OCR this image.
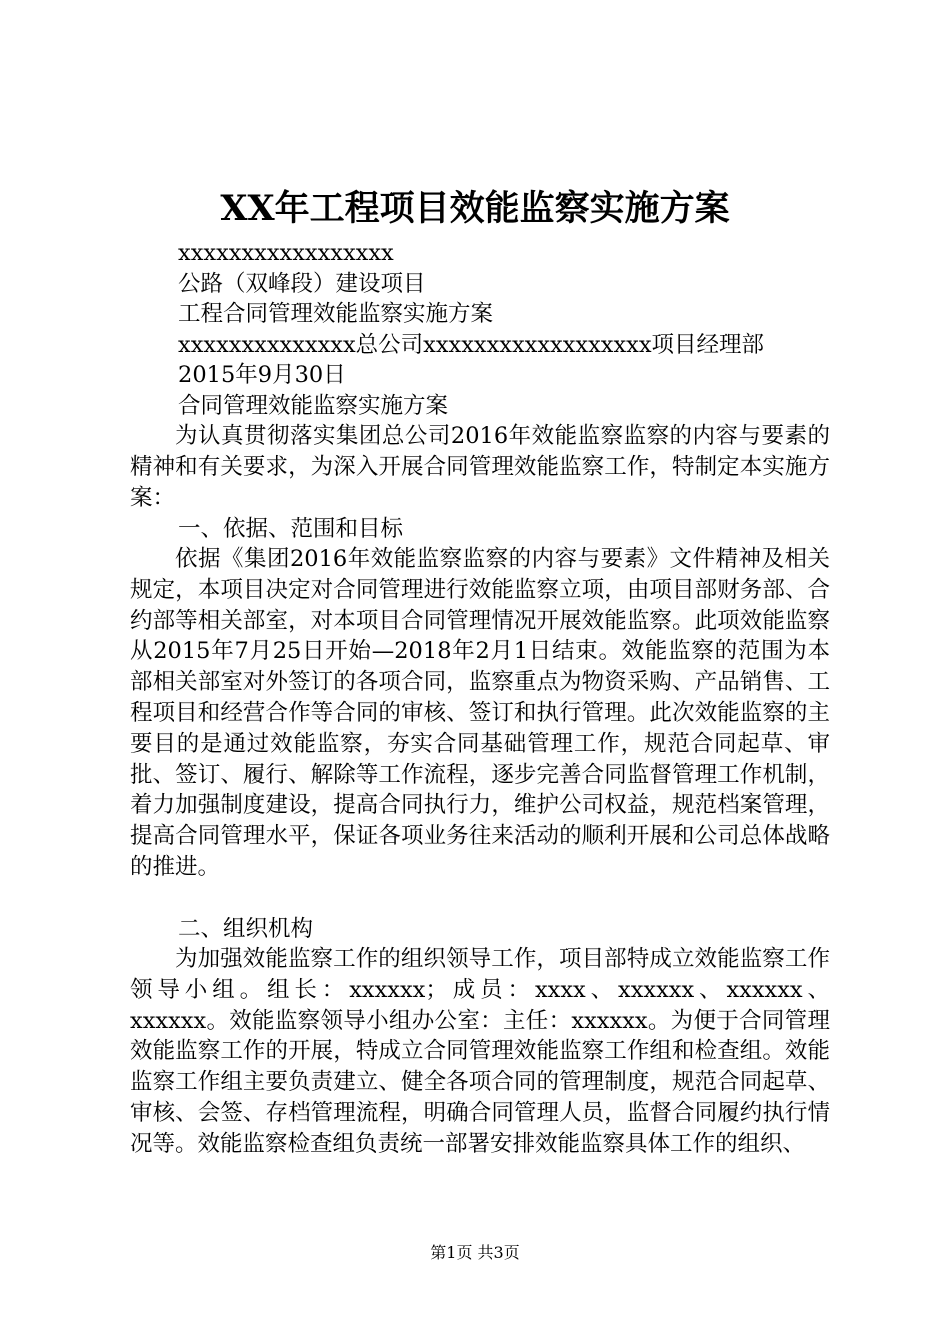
XX年工程项目效能监察实施方案

xxxxxxxxxxxxxxxxx

公路（双峰段）建设项目

工程合同管理效能监察实施方案

xxxxxxxxxxxxxx总公司xxxxxxxxxxxxxxxxxx项目经理部

2015年9月30日

合同管理效能监察实施方案

为认真贯彻落实集团总公司2016年效能监察监察的内容与要素的精神和有关要求，为深入开展合同管理效能监察工作，特制定本实施方案：

一、依据、范围和目标

依据《集团2016年效能监察监察的内容与要素》文件精神及相关规定，本项目决定对合同管理进行效能监察立项，由项目部财务部、合约部等相关部室，对本项目合同管理情况开展效能监察。此项效能监察从2015年7月25日开始—2018年2月1日结束。效能监察的范围为本部相关部室对外签订的各项合同，监察重点为物资采购、产品销售、工程项目和经营合作等合同的审核、签订和执行管理。此次效能监察的主要目的是通过效能监察，夯实合同基础管理工作，规范合同起草、审批、签订、履行、解除等工作流程，逐步完善合同监督管理工作机制，着力加强制度建设，提高合同执行力，维护公司权益，规范档案管理，提高合同管理水平，保证各项业务往来活动的顺利开展和公司总体战略的推进。

二、组织机构

为加强效能监察工作的组织领导工作，项目部特成立效能监察工作领导小组。组长：xxxxxx；成员：xxxx、xxxxxx、xxxxxx、xxxxxx。效能监察领导小组办公室：主任：xxxxxx。为便于合同管理效能监察工作的开展，特成立合同管理效能监察工作组和检查组。效能监察工作组主要负责建立、健全各项合同的管理制度，规范合同起草、审核、会签、存档管理流程，明确合同管理人员，监督合同履约执行情况等。效能监察检查组负责统一部署安排效能监察具体工作的组织、

第1页 共3页
